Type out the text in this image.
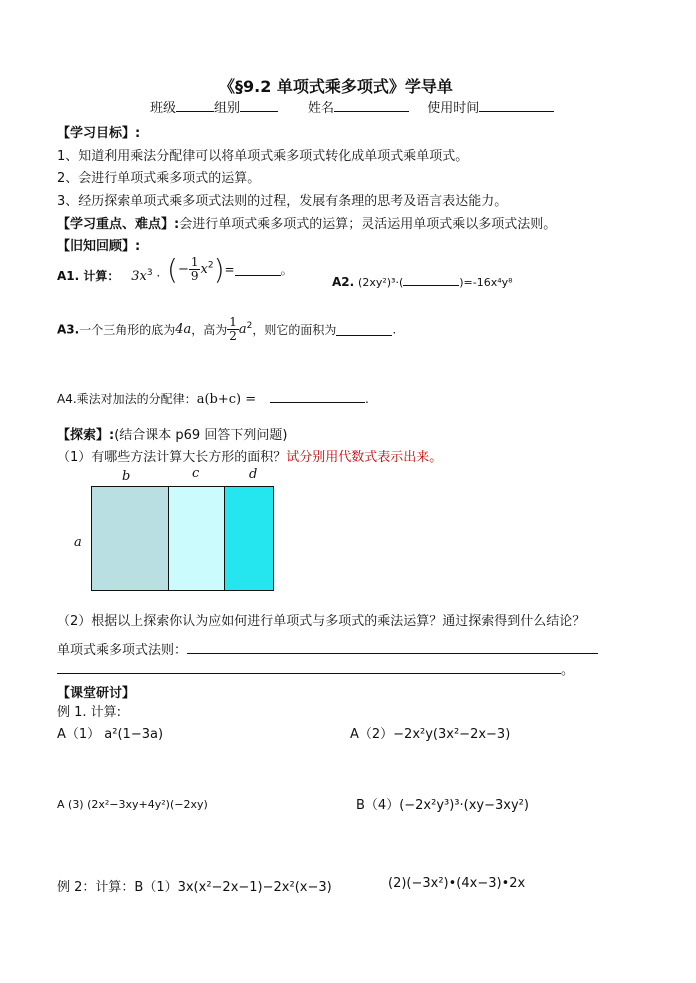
《§9.2 单项式乘多项式》学导单
班级	组别	姓名	使用时间
【学习目标】:
1、知道利用乘法分配律可以将单项式乘多项式转化成单项式乘单项式。
2、会进行单项式乘多项式的运算。
3、经历探索单项式乘多项式法则的过程，发展有条理的思考及语言表达能力。
【学习重点、难点】:会进行单项式乘多项式的运算；灵活运用单项式乘以多项式法则。
【旧知回顾】:
A1. 计算： $3x^3$ · (− $\frac{1}{9} x^2)=$	。
A2. (2xy²)³·(	)=-16x⁴y⁸
A3.一个三角形的底为4a，高为 $\frac{1}{2} a^2$，则它的面积为	.
A4.乘法对加法的分配律：a(b+c) =	.
【探索】:(结合课本 p69 回答下列问题)
（1）有哪些方法计算大长方形的面积？试分别用代数式表示出来。
b	c	d
a
（2）根据以上探索你认为应如何进行单项式与多项式的乘法运算？通过探索得到什么结论？
单项式乘多项式法则：
。
【课堂研讨】
例 1. 计算:
A（1） a²(1−3a)	A（2）−2x²y(3x²−2x−3)
A (3) (2x²−3xy+4y²)(−2xy)	B（4）(−2x²y³)³·(xy−3xy²)
例 2：计算：B（1）3x(x²−2x−1)−2x²(x−3)	(2)(−3x²)•(4x−3)•2x
